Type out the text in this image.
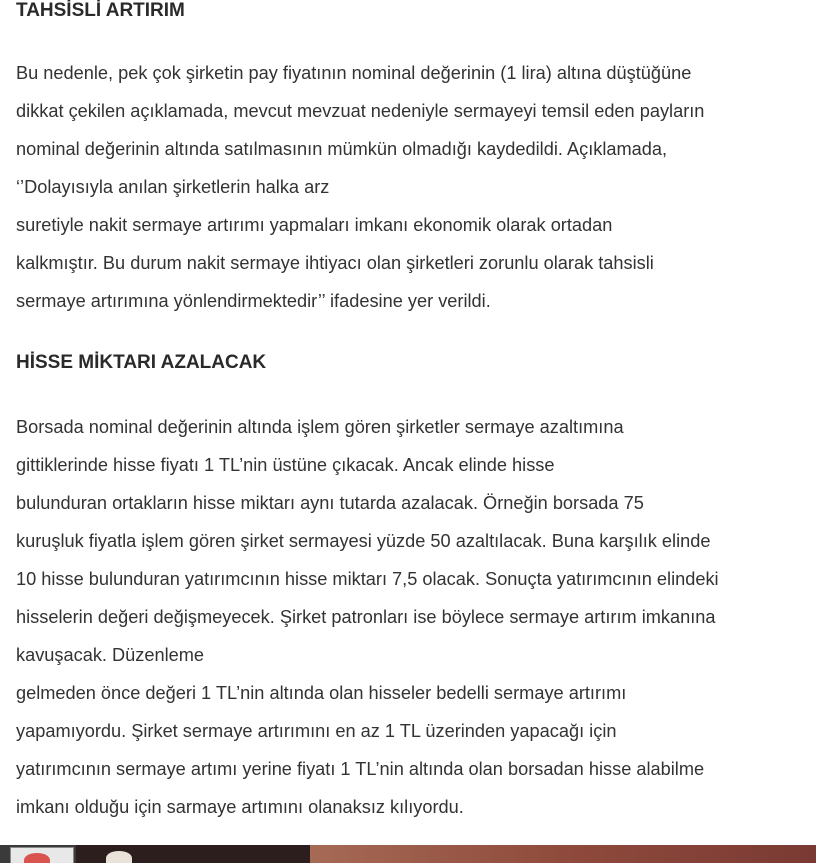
TAHSİSLİ ARTIRIM

Bu nedenle, pek çok şirketin pay fiyatının nominal değerinin (1 lira) altına düştüğüne
dikkat çekilen açıklamada, mevcut mevzuat nedeniyle sermayeyi temsil eden payların
nominal değerinin altında satılmasının mümkün olmadığı kaydedildi. Açıklamada,
‘’Dolayısıyla anılan şirketlerin halka arz
suretiyle nakit sermaye artırımı yapmaları imkanı ekonomik olarak ortadan
kalkmıştır. Bu durum nakit sermaye ihtiyacı olan şirketleri zorunlu olarak tahsisli
sermaye artırımına yönlendirmektedir’’ ifadesine yer verildi.

HİSSE MİKTARI AZALACAK

Borsada nominal değerinin altında işlem gören şirketler sermaye azaltımına
gittiklerinde hisse fiyatı 1 TL’nin üstüne çıkacak. Ancak elinde hisse
bulunduran ortakların hisse miktarı aynı tutarda azalacak. Örneğin borsada 75
kuruşluk fiyatla işlem gören şirket sermayesi yüzde 50 azaltılacak. Buna karşılık elinde
10 hisse bulunduran yatırımcının hisse miktarı 7,5 olacak. Sonuçta yatırımcının elindeki
hisselerin değeri değişmeyecek. Şirket patronları ise böylece sermaye artırım imkanına
kavuşacak. Düzenleme
gelmeden önce değeri 1 TL’nin altında olan hisseler bedelli sermaye artırımı
yapamıyordu. Şirket sermaye artırımını en az 1 TL üzerinden yapacağı için
yatırımcının sermaye artımı yerine fiyatı 1 TL’nin altında olan borsadan hisse alabilme
imkanı olduğu için sarmaye artımını olanaksız kılıyordu.
